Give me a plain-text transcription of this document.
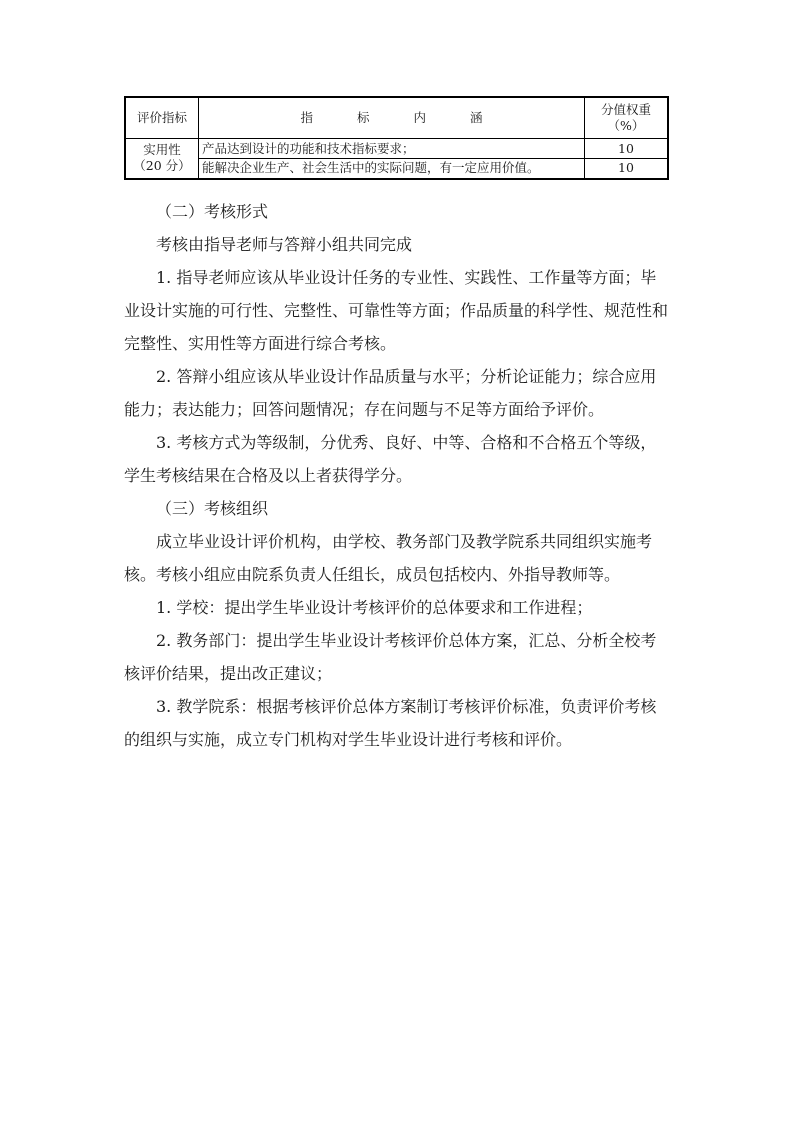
评价指标	指 标 内 涵	分值权重
（%）

实用性
（20 分）	产品达到设计的功能和技术指标要求；	10
	能解决企业生产、社会生活中的实际问题，有一定应用价值。	10

（二）考核形式

考核由指导老师与答辩小组共同完成

1. 指导老师应该从毕业设计任务的专业性、实践性、工作量等方面；毕业设计实施的可行性、完整性、可靠性等方面；作品质量的科学性、规范性和完整性、实用性等方面进行综合考核。

2. 答辩小组应该从毕业设计作品质量与水平；分析论证能力；综合应用能力；表达能力；回答问题情况；存在问题与不足等方面给予评价。

3. 考核方式为等级制，分优秀、良好、中等、合格和不合格五个等级，学生考核结果在合格及以上者获得学分。

（三）考核组织

成立毕业设计评价机构，由学校、教务部门及教学院系共同组织实施考核。考核小组应由院系负责人任组长，成员包括校内、外指导教师等。

1. 学校：提出学生毕业设计考核评价的总体要求和工作进程；

2. 教务部门：提出学生毕业设计考核评价总体方案，汇总、分析全校考核评价结果，提出改正建议；

3. 教学院系：根据考核评价总体方案制订考核评价标准，负责评价考核的组织与实施，成立专门机构对学生毕业设计进行考核和评价。
